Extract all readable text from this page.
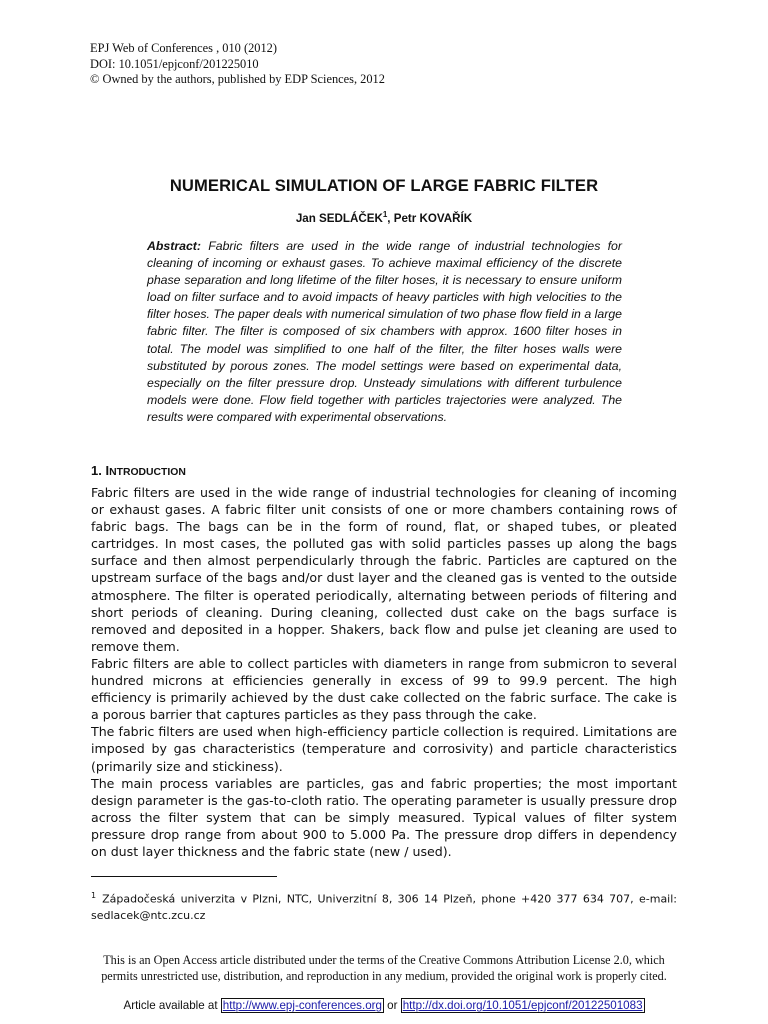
EPJ Web of Conferences , 010 (2012)
DOI: 10.1051/epjconf/201225010
© Owned by the authors, published by EDP Sciences, 2012
NUMERICAL SIMULATION OF LARGE FABRIC FILTER
Jan SEDLÁČEK$^1$, Petr KOVAŘÍK
Abstract: Fabric filters are used in the wide range of industrial technologies for cleaning of incoming or exhaust gases. To achieve maximal efficiency of the discrete phase separation and long lifetime of the filter hoses, it is necessary to ensure uniform load on filter surface and to avoid impacts of heavy particles with high velocities to the filter hoses. The paper deals with numerical simulation of two phase flow field in a large fabric filter. The filter is composed of six chambers with approx. 1600 filter hoses in total. The model was simplified to one half of the filter, the filter hoses walls were substituted by porous zones. The model settings were based on experimental data, especially on the filter pressure drop. Unsteady simulations with different turbulence models were done. Flow field together with particles trajectories were analyzed. The results were compared with experimental observations.
1. INTRODUCTION

Fabric filters are used in the wide range of industrial technologies for cleaning of incoming or exhaust gases. A fabric filter unit consists of one or more chambers containing rows of fabric bags. The bags can be in the form of round, flat, or shaped tubes, or pleated cartridges. In most cases, the polluted gas with solid particles passes up along the bags surface and then almost perpendicularly through the fabric. Particles are captured on the upstream surface of the bags and/or dust layer and the cleaned gas is vented to the outside atmosphere. The filter is operated periodically, alternating between periods of filtering and short periods of cleaning. During cleaning, collected dust cake on the bags surface is removed and deposited in a hopper. Shakers, back flow and pulse jet cleaning are used to remove them.

Fabric filters are able to collect particles with diameters in range from submicron to several hundred microns at efficiencies generally in excess of 99 to 99.9 percent. The high efficiency is primarily achieved by the dust cake collected on the fabric surface. The cake is a porous barrier that captures particles as they pass through the cake.

The fabric filters are used when high-efficiency particle collection is required. Limitations are imposed by gas characteristics (temperature and corrosivity) and particle characteristics (primarily size and stickiness).

The main process variables are particles, gas and fabric properties; the most important design parameter is the gas-to-cloth ratio. The operating parameter is usually pressure drop across the filter system that can be simply measured. Typical values of filter system pressure drop range from about 900 to 5.000 Pa. The pressure drop differs in dependency on dust layer thickness and the fabric state (new / used).

$^1$ Západočeská univerzita v Plzni, NTC, Univerzitní 8, 306 14 Plzeň, phone +420 377 634 707, e-mail: sedlacek@ntc.zcu.cz
This is an Open Access article distributed under the terms of the Creative Commons Attribution License 2.0, which
permits unrestricted use, distribution, and reproduction in any medium, provided the original work is properly cited.
Article available at http://www.epj-conferences.org or http://dx.doi.org/10.1051/epjconf/20122501083
